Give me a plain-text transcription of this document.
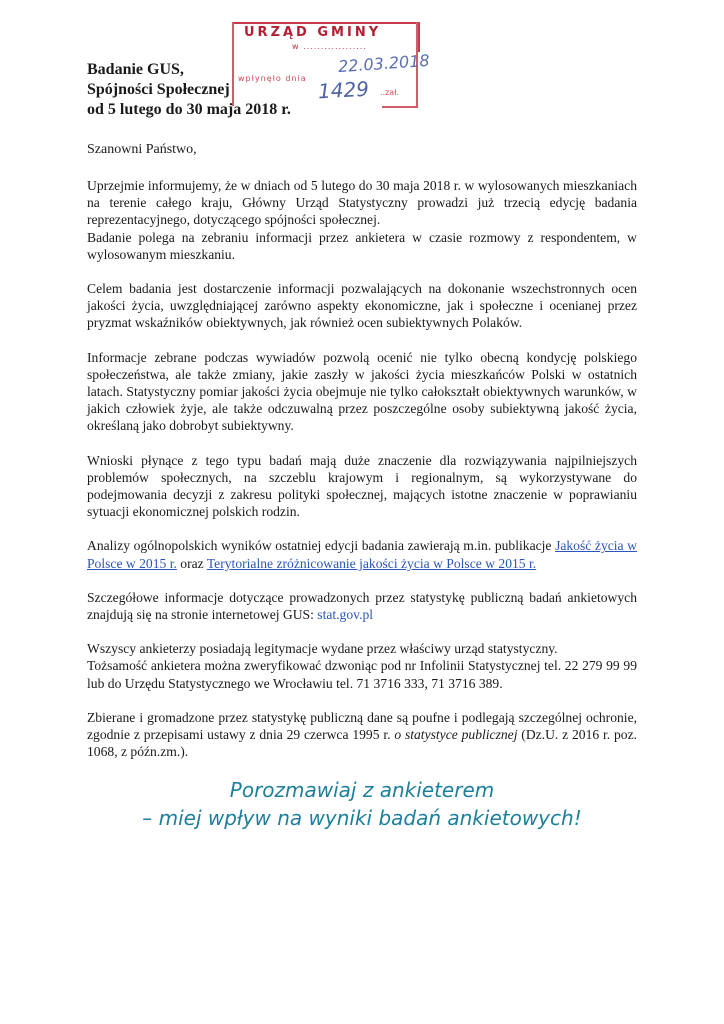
URZĄD GMINY
w ..................
wpłynęło dnia
22.03.2018
1429 ..zał.
Badanie GUS,
Spójności Społecznej
od 5 lutego do 30 maja 2018 r.
Szanowni Państwo,

Uprzejmie informujemy, że w dniach od 5 lutego do 30 maja 2018 r. w wylosowanych mieszkaniach na terenie całego kraju, Główny Urząd Statystyczny prowadzi już trzecią edycję badania reprezentacyjnego, dotyczącego spójności społecznej.

Badanie polega na zebraniu informacji przez ankietera w czasie rozmowy z respondentem, w wylosowanym mieszkaniu.

Celem badania jest dostarczenie informacji pozwalających na dokonanie wszechstronnych ocen jakości życia, uwzględniającej zarówno aspekty ekonomiczne, jak i społeczne i ocenianej przez pryzmat wskaźników obiektywnych, jak również ocen subiektywnych Polaków.

Informacje zebrane podczas wywiadów pozwolą ocenić nie tylko obecną kondycję polskiego społeczeństwa, ale także zmiany, jakie zaszły w jakości życia mieszkańców Polski w ostatnich latach. Statystyczny pomiar jakości życia obejmuje nie tylko całokształt obiektywnych warunków, w jakich człowiek żyje, ale także odczuwalną przez poszczególne osoby subiektywną jakość życia, określaną jako dobrobyt subiektywny.

Wnioski płynące z tego typu badań mają duże znaczenie dla rozwiązywania najpilniejszych problemów społecznych, na szczeblu krajowym i regionalnym, są wykorzystywane do podejmowania decyzji z zakresu polityki społecznej, mających istotne znaczenie w poprawianiu sytuacji ekonomicznej polskich rodzin.

Analizy ogólnopolskich wyników ostatniej edycji badania zawierają m.in. publikacje Jakość życia w Polsce w 2015 r. oraz Terytorialne zróżnicowanie jakości życia w Polsce w 2015 r.

Szczegółowe informacje dotyczące prowadzonych przez statystykę publiczną badań ankietowych znajdują się na stronie internetowej GUS: stat.gov.pl

Wszyscy ankieterzy posiadają legitymacje wydane przez właściwy urząd statystyczny.

Tożsamość ankietera można zweryfikować dzwoniąc pod nr Infolinii Statystycznej tel. 22 279 99 99 lub do Urzędu Statystycznego we Wrocławiu tel. 71 3716 333, 71 3716 389.

Zbierane i gromadzone przez statystykę publiczną dane są poufne i podlegają szczególnej ochronie, zgodnie z przepisami ustawy z dnia 29 czerwca 1995 r. o statystyce publicznej (Dz.U. z 2016 r. poz. 1068, z późn.zm.).

Porozmawiaj z ankieterem
– miej wpływ na wyniki badań ankietowych!
